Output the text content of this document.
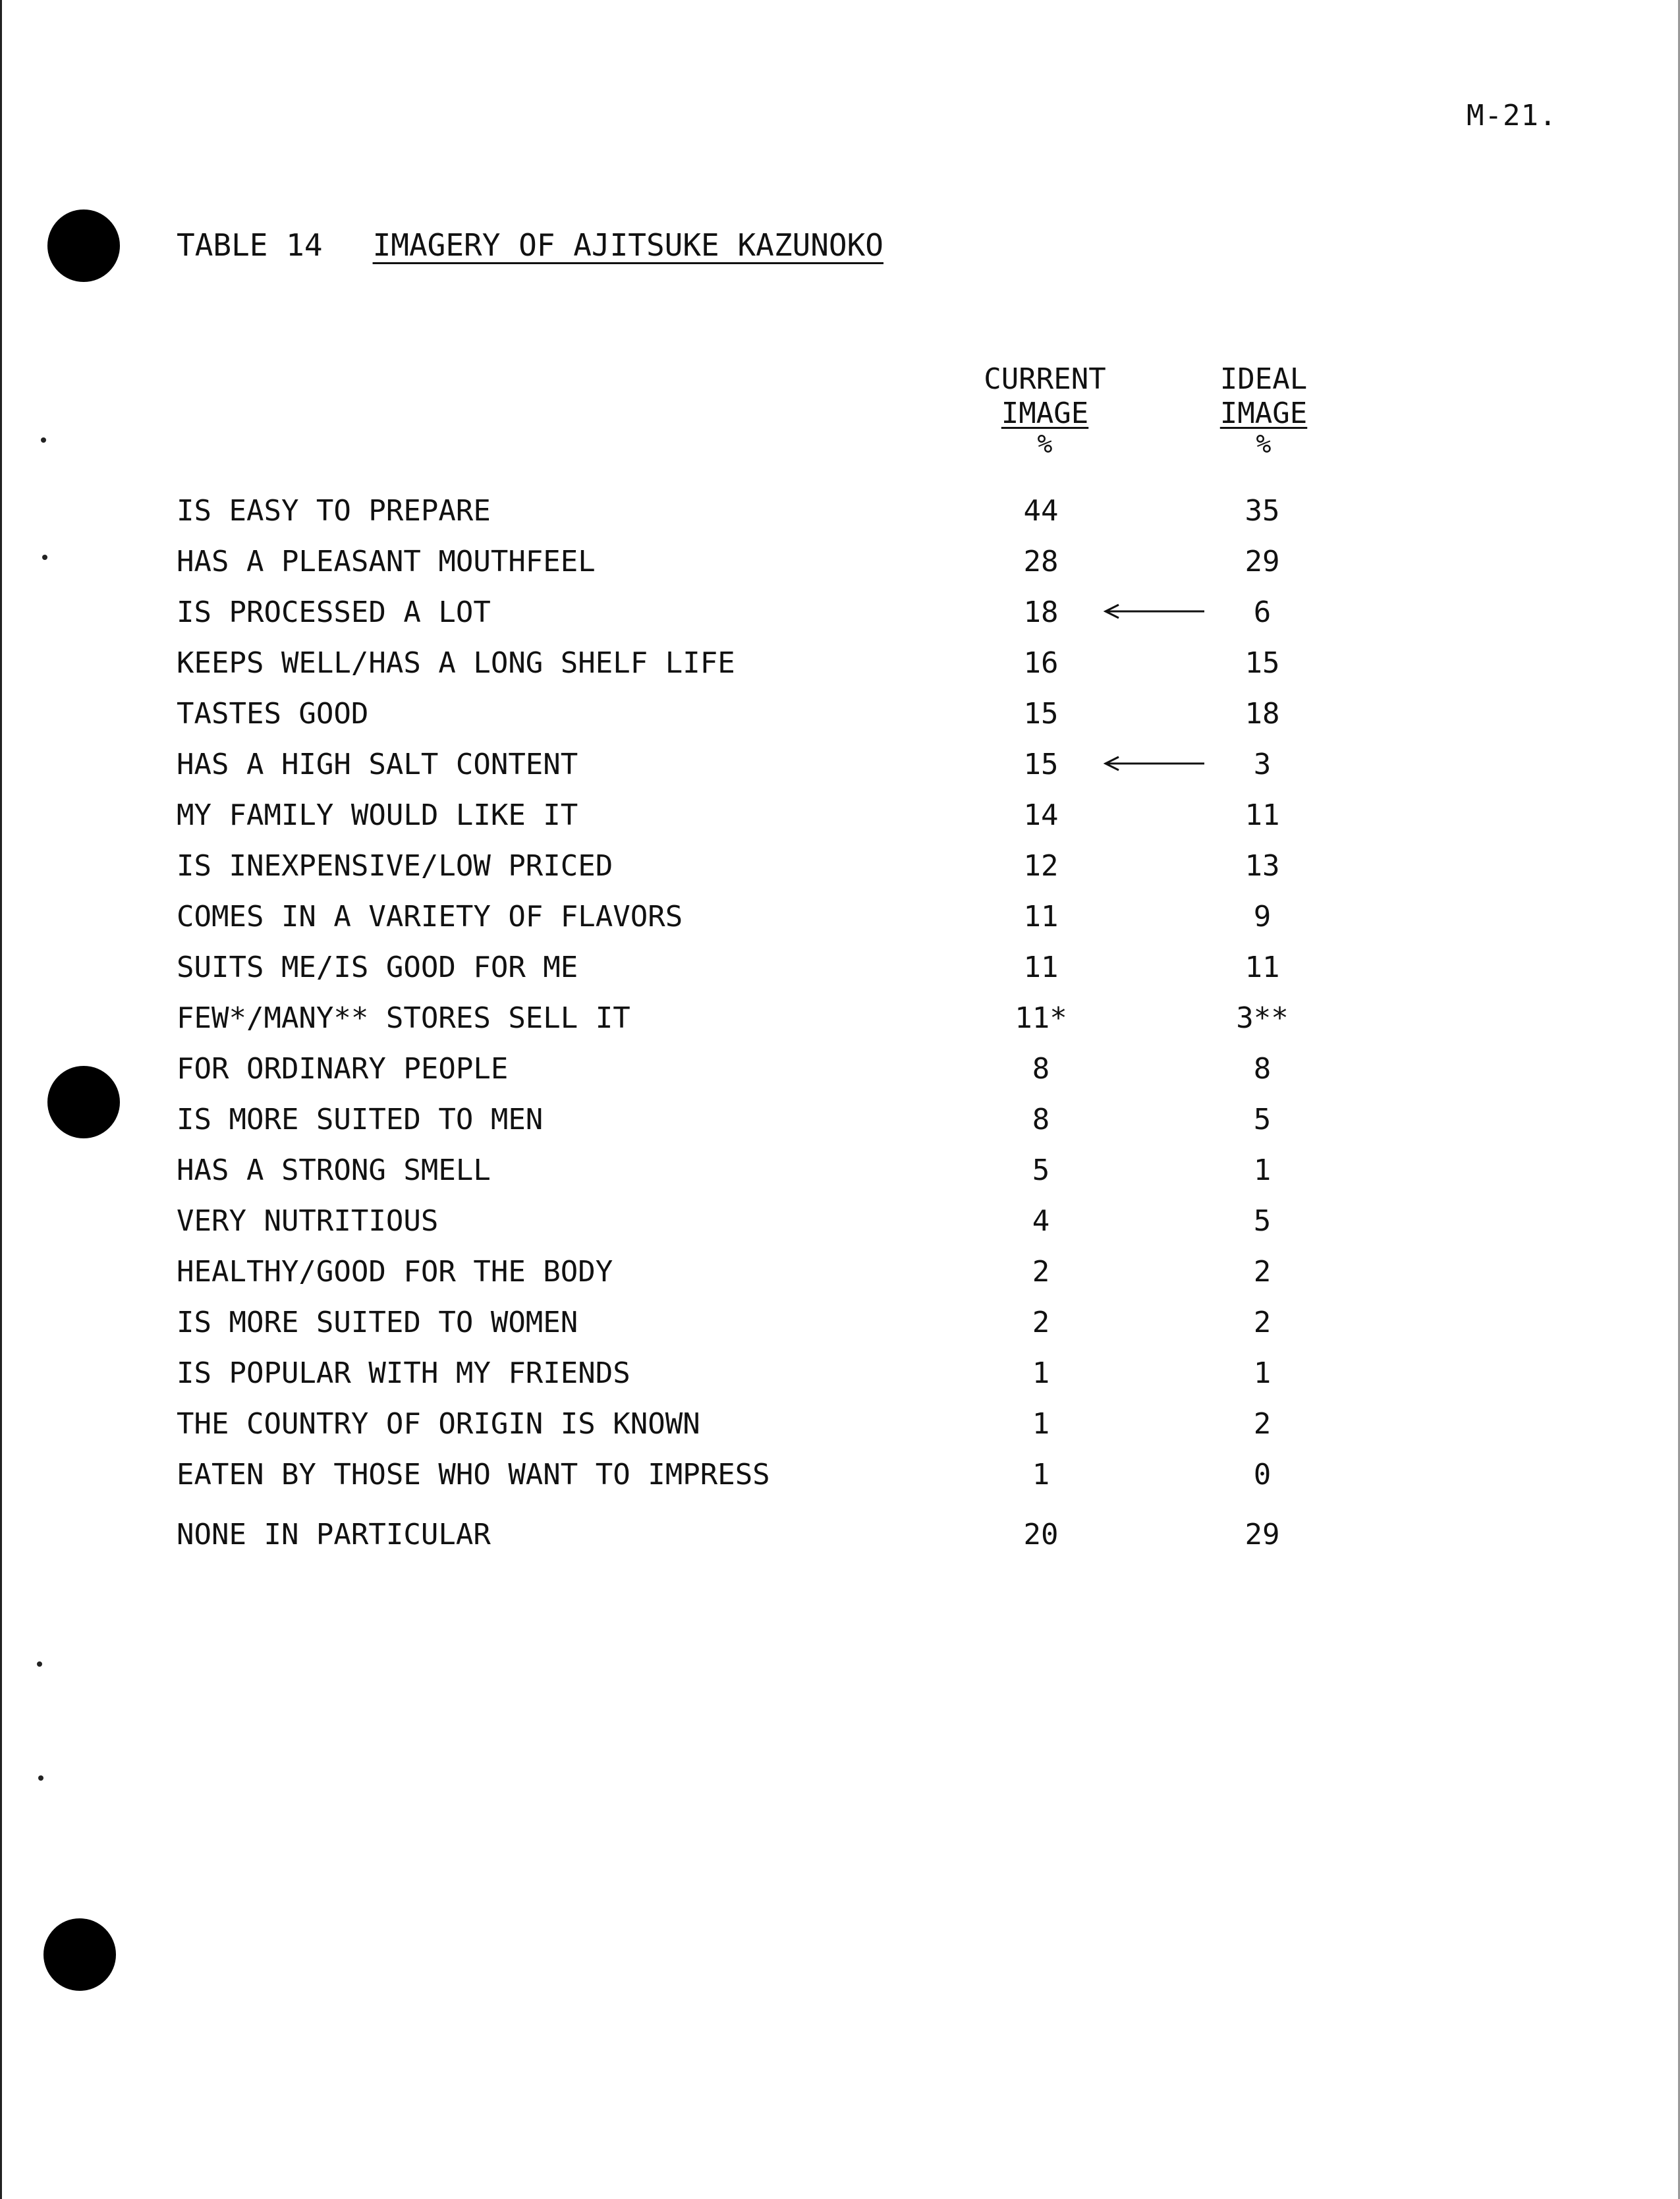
M-21.
TABLE 14 IMAGERY OF AJITSUKE KAZUNOKO
CURRENT
IMAGE
%
IDEAL
IMAGE
%
IS EASY TO PREPARE	44	35
HAS A PLEASANT MOUTHFEEL	28	29
IS PROCESSED A LOT	18	6
KEEPS WELL/HAS A LONG SHELF LIFE	16	15
TASTES GOOD	15	18
HAS A HIGH SALT CONTENT	15	3
MY FAMILY WOULD LIKE IT	14	11
IS INEXPENSIVE/LOW PRICED	12	13
COMES IN A VARIETY OF FLAVORS	11	9
SUITS ME/IS GOOD FOR ME	11	11
FEW*/MANY** STORES SELL IT	11*	3**
FOR ORDINARY PEOPLE	8	8
IS MORE SUITED TO MEN	8	5
HAS A STRONG SMELL	5	1
VERY NUTRITIOUS	4	5
HEALTHY/GOOD FOR THE BODY	2	2
IS MORE SUITED TO WOMEN	2	2
IS POPULAR WITH MY FRIENDS	1	1
THE COUNTRY OF ORIGIN IS KNOWN	1	2
EATEN BY THOSE WHO WANT TO IMPRESS	1	0
NONE IN PARTICULAR	20	29
